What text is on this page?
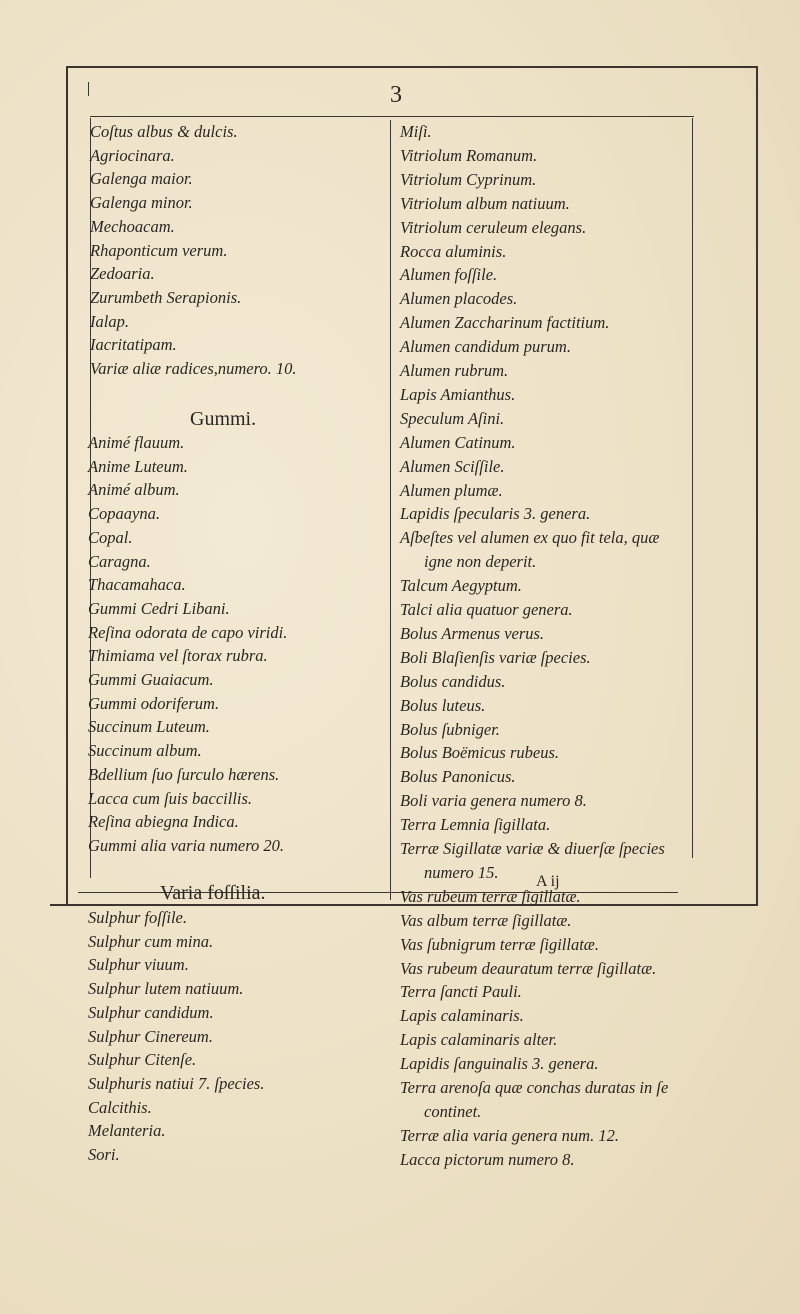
3
Coſtus albus & dulcis.
Agriocinara.
Galenga maior.
Galenga minor.
Mechoacam.
Rhaponticum verum.
Zedoaria.
Zurumbeth Serapionis.
Ialap.
Iacritatipam.
Variæ aliæ radices,numero. 10.
Gummi.
Animé flauum.
Anime Luteum.
Animé album.
Copaayna.
Copal.
Caragna.
Thacamahaca.
Gummi Cedri Libani.
Reſina odorata de capo viridi.
Thimiama vel ſtorax rubra.
Gummi Guaiacum.
Gummi odoriferum.
Succinum Luteum.
Succinum album.
Bdellium ſuo ſurculo hærens.
Lacca cum ſuis baccillis.
Reſina abiegna Indica.
Gummi alia varia numero 20.
Varia foſſilia.
Sulphur foſſile.
Sulphur cum mina.
Sulphur viuum.
Sulphur lutem natiuum.
Sulphur candidum.
Sulphur Cinereum.
Sulphur Citenſe.
Sulphuris natiui 7. ſpecies.
Calcithis.
Melanteria.
Sori.
Miſi.
Vitriolum Romanum.
Vitriolum Cyprinum.
Vitriolum album natiuum.
Vitriolum ceruleum elegans.
Rocca aluminis.
Alumen foſſile.
Alumen placodes.
Alumen Zaccharinum factitium.
Alumen candidum purum.
Alumen rubrum.
Lapis Amianthus.
Speculum Aſini.
Alumen Catinum.
Alumen Sciſſile.
Alumen plumæ.
Lapidis ſpecularis 3. genera.
Aſbeſtes vel alumen ex quo fit tela, quæ
igne non deperit.
Talcum Aegyptum.
Talci alia quatuor genera.
Bolus Armenus verus.
Boli Blaſienſis variæ ſpecies.
Bolus candidus.
Bolus luteus.
Bolus ſubniger.
Bolus Boëmicus rubeus.
Bolus Panonicus.
Boli varia genera numero 8.
Terra Lemnia ſigillata.
Terræ Sigillatæ variæ & diuerſæ ſpecies
numero 15.
Vas rubeum terræ ſigillatæ.
Vas album terræ ſigillatæ.
Vas ſubnigrum terræ ſigillatæ.
Vas rubeum deauratum terræ ſigillatæ.
Terra ſancti Pauli.
Lapis calaminaris.
Lapis calaminaris alter.
Lapidis ſanguinalis 3. genera.
Terra arenoſa quæ conchas duratas in ſe
continet.
Terræ alia varia genera num. 12.
Lacca pictorum numero 8.
A ij
